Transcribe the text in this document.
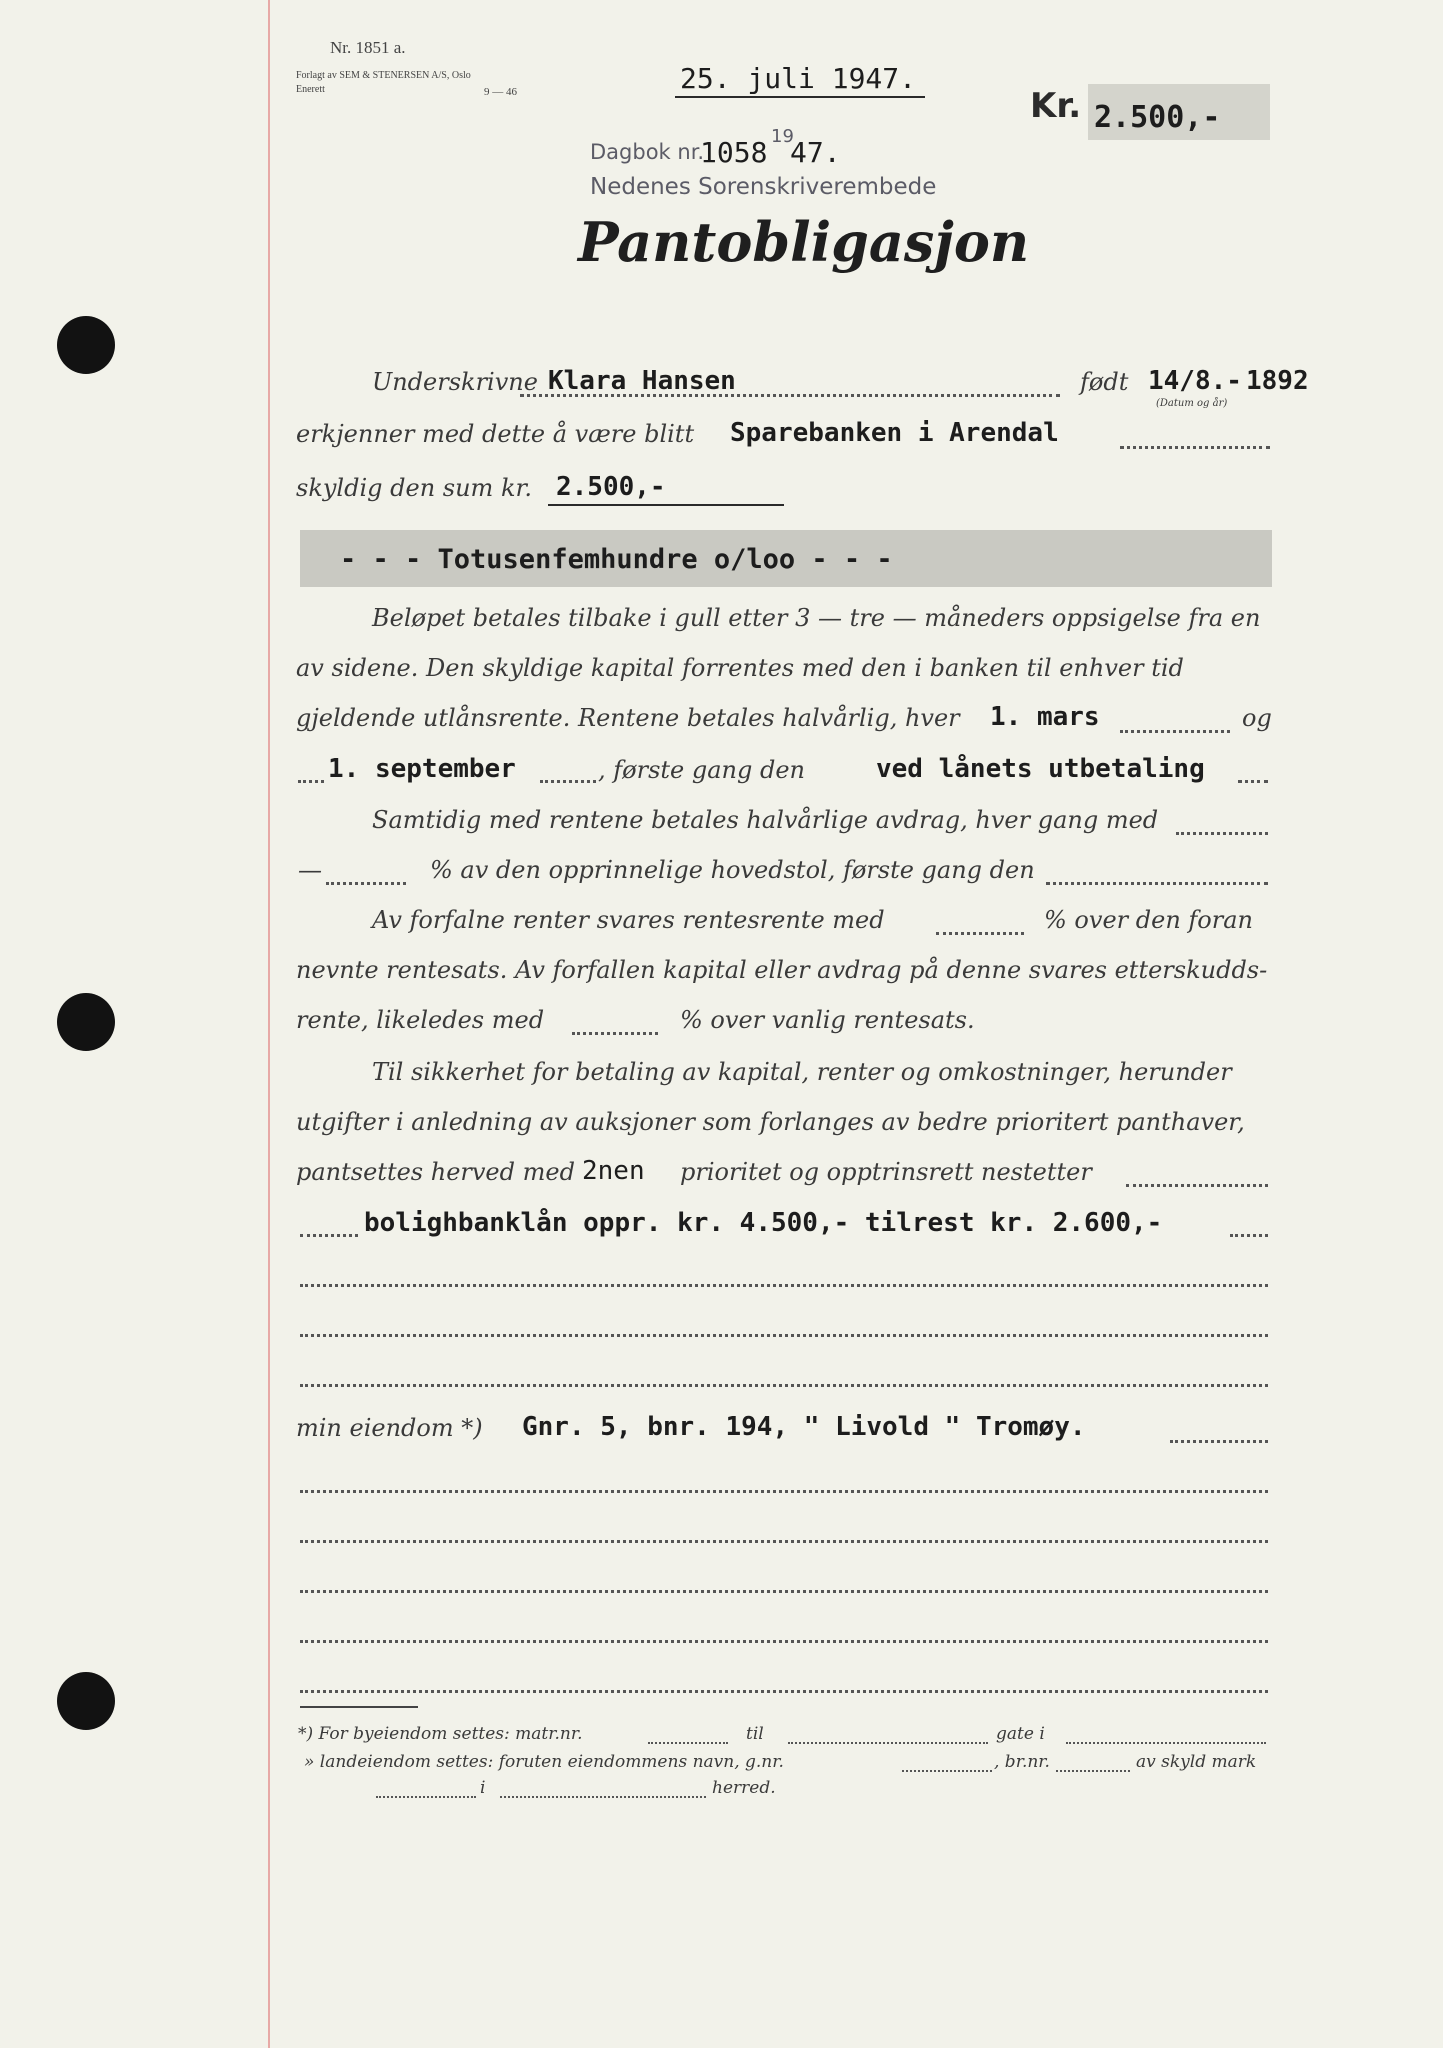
Nr. 1851 a.
Forlagt av SEM & STENERSEN A/S, Oslo
Enerett	9 — 46	25. juli 1947.
Kr. 2.500,-
Dagbok nr.
1058 19
47.
Nedenes Sorenskriverembede
Pantobligasjon
Underskrivne Klara Hansen	født 14/8.- 1892
(Datum og år)
erkjenner med dette å være blitt Sparebanken i Arendal
skyldig den sum kr. 2.500,-
- - - Totusenfemhundre o/loo - - -
Beløpet betales tilbake i gull etter 3 — tre — måneders oppsigelse fra en
av sidene. Den skyldige kapital forrentes med den i banken til enhver tid
gjeldende utlånsrente. Rentene betales halvårlig, hver 1. mars	og
1. september	, første gang den	ved lånets utbetaling
Samtidig med rentene betales halvårlige avdrag, hver gang med
—	% av den opprinnelige hovedstol, første gang den
Av forfalne renter svares rentesrente med	% over den foran
nevnte rentesats. Av forfallen kapital eller avdrag på denne svares etterskudds-
rente, likeledes med	% over vanlig rentesats.
Til sikkerhet for betaling av kapital, renter og omkostninger, herunder
utgifter i anledning av auksjoner som forlanges av bedre prioritert panthaver,
pantsettes herved med 2nen prioritet og opptrinsrett nestetter
bolighbanklån oppr. kr. 4.500,- tilrest kr. 2.600,-
min eiendom *) Gnr. 5, bnr. 194, " Livold " Tromøy.
*) For byeiendom settes: matr.nr.	til	gate i
» landeiendom settes: foruten eiendommens navn, g.nr.	, br.nr.	av skyld mark
i	herred.
